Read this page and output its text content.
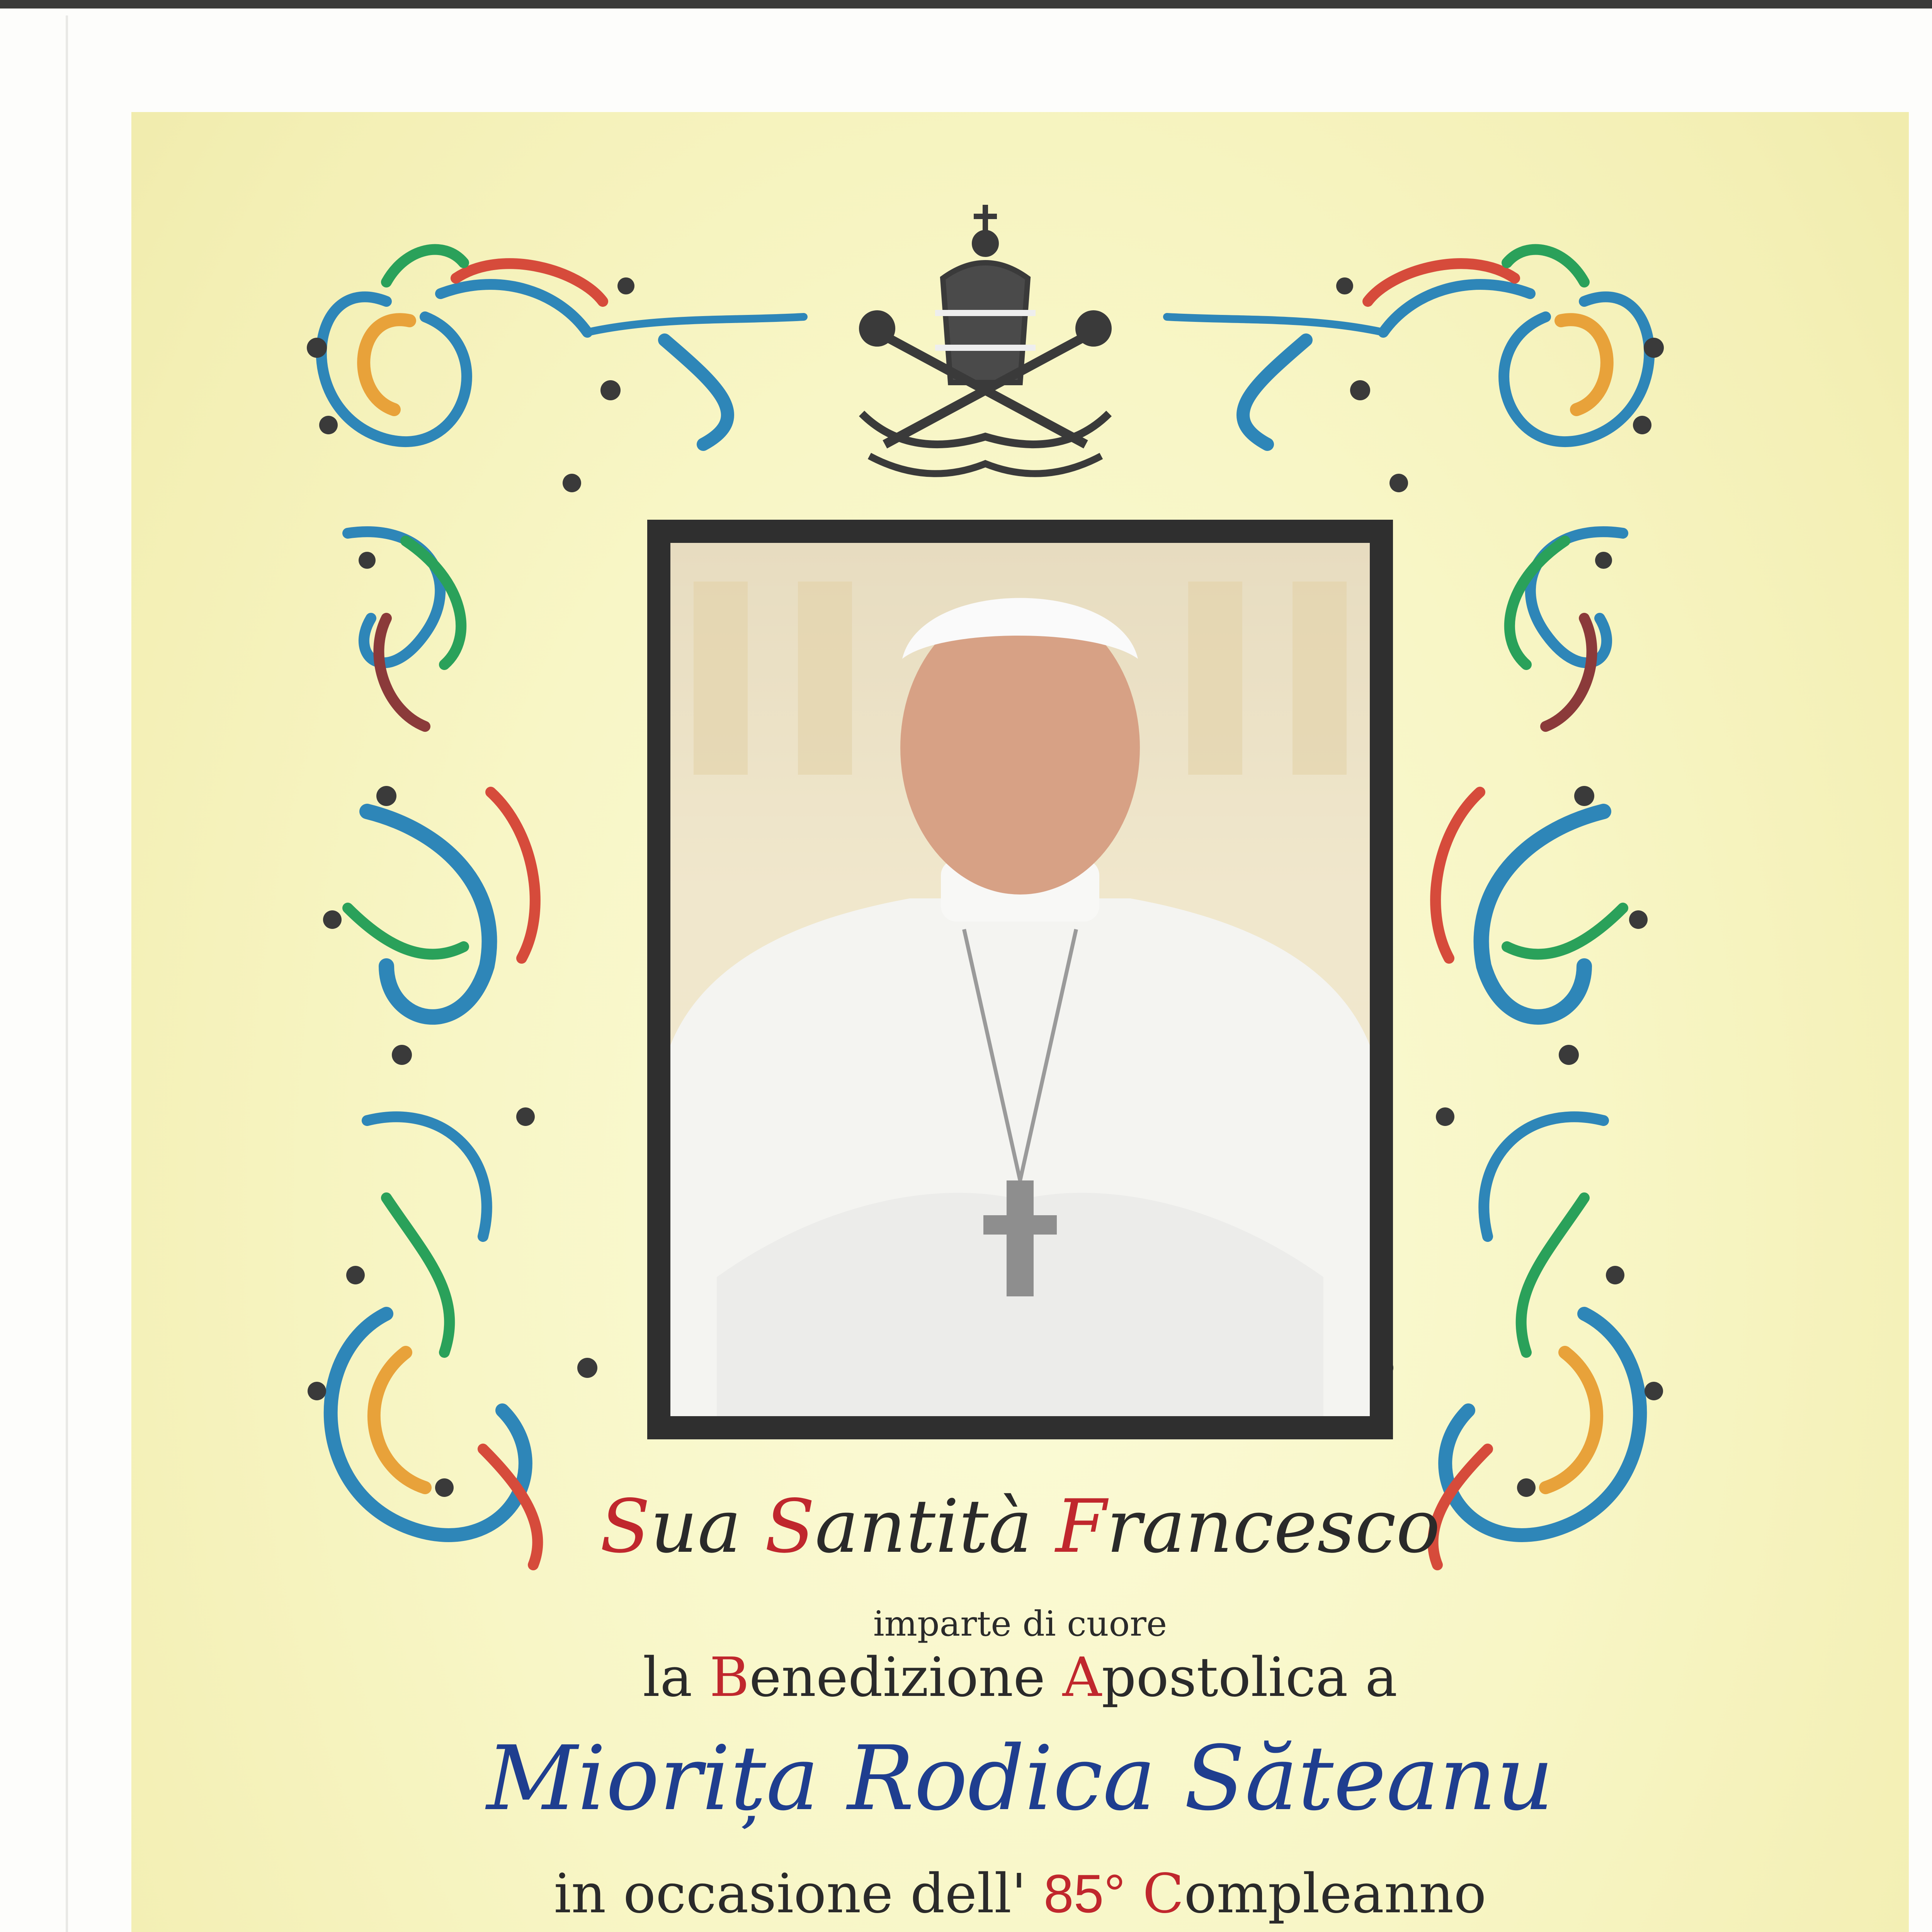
Sua Santità Francesco
imparte di cuore
la Benedizione Apostolica a
Miorița Rodica Săteanu
in occasione dell' 85° Compleanno
